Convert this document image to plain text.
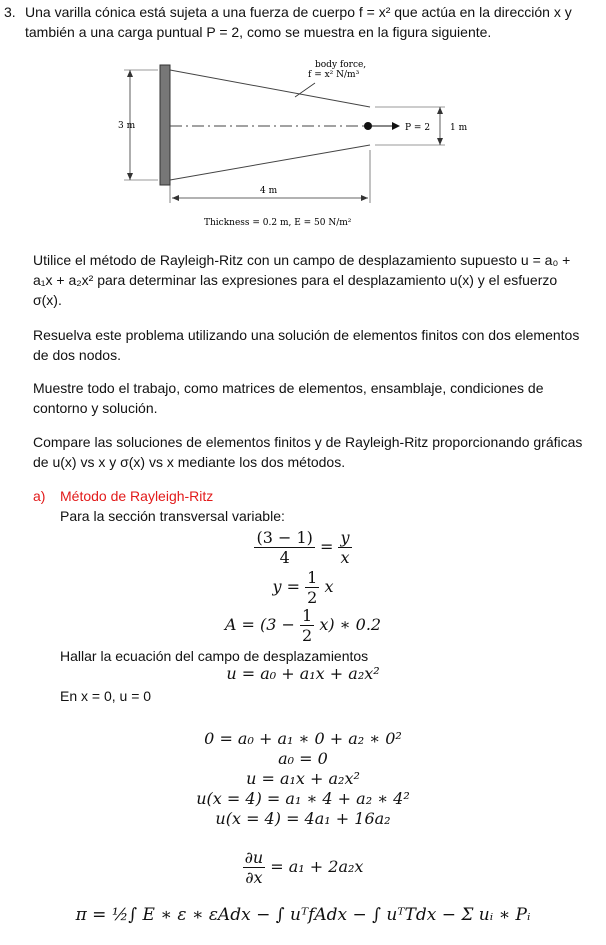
3. Una varilla cónica está sujeta a una fuerza de cuerpo f = x² que actúa en la dirección x y
también a una carga puntual P = 2, como se muestra en la figura siguiente.
body force,
f = x² N/m³
3 m	P = 2 1 m
4 m
Thickness = 0.2 m, E = 50 N/m²
Utilice el método de Rayleigh-Ritz con un campo de desplazamiento supuesto u = a₀ +
a₁x + a₂x² para determinar las expresiones para el desplazamiento u(x) y el esfuerzo
σ(x).
Resuelva este problema utilizando una solución de elementos finitos con dos elementos
de dos nodos.
Muestre todo el trabajo, como matrices de elementos, ensamblaje, condiciones de
contorno y solución.
Compare las soluciones de elementos finitos y de Rayleigh-Ritz proporcionando gráficas
de u(x) vs x y σ(x) vs x mediante los dos métodos.
a) Método de Rayleigh-Ritz
Para la sección transversal variable:
$\frac{(3 - 1)}{4} = \frac{y}{x}$
$y = \frac{1}{2}$ x
$A = (3 - \frac{1}{2} x)$ ∗ 0.2
Hallar la ecuación del campo de desplazamientos
u = a₀ + a₁x + a₂x²
En x = 0, u = 0
0 = a₀ + a₁ ∗ 0 + a₂ ∗ 0²
a₀ = 0
u = a₁x + a₂x²
u(x = 4) = a₁ ∗ 4 + a₂ ∗ 4²
u(x = 4) = 4a₁ + 16a₂
$\frac{\partial u}{\partial x} = a_1 + 2a_2x$
π = ½∫ E ∗ ε ∗ εAdx − ∫ uᵀfAdx − ∫ uᵀTdx − Σ uᵢ ∗ Pᵢ
